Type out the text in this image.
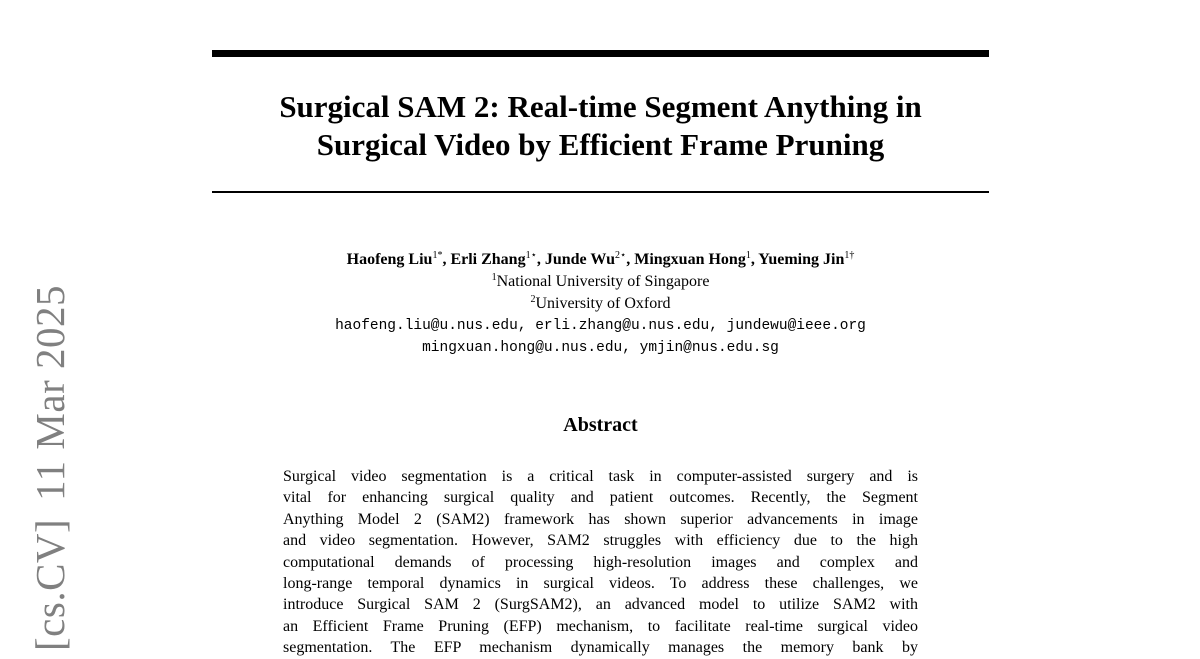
[cs.CV]11 Mar 2025
Surgical SAM 2: Real-time Segment Anything in
Surgical Video by Efficient Frame Pruning
Haofeng Liu$^{1*}$, Erli Zhang$^{1⋆}$, Junde $Wu^{2⋆}$, Mingxuan Hong$^1$, Yueming Jin$^{1\dagger}$
$^1$National University of Singapore
$^2$University of Oxford
haofeng.liu@u.nus.edu, erli.zhang@u.nus.edu, jundewu@ieee.org
mingxuan.hong@u.nus.edu, ymjin@nus.edu.sg
Abstract
Surgical video segmentation is a critical task in computer-assisted surgery and is
vital for enhancing surgical quality and patient outcomes. Recently, the Segment
Anything Model 2 (SAM2) framework has shown superior advancements in image
and video segmentation. However, SAM2 struggles with efficiency due to the high
computational demands of processing high-resolution images and complex and
long-range temporal dynamics in surgical videos. To address these challenges, we
introduce Surgical SAM 2 (SurgSAM2), an advanced model to utilize SAM2 with
an Efficient Frame Pruning (EFP) mechanism, to facilitate real-time surgical video
segmentation. The EFP mechanism dynamically manages the memory bank by
